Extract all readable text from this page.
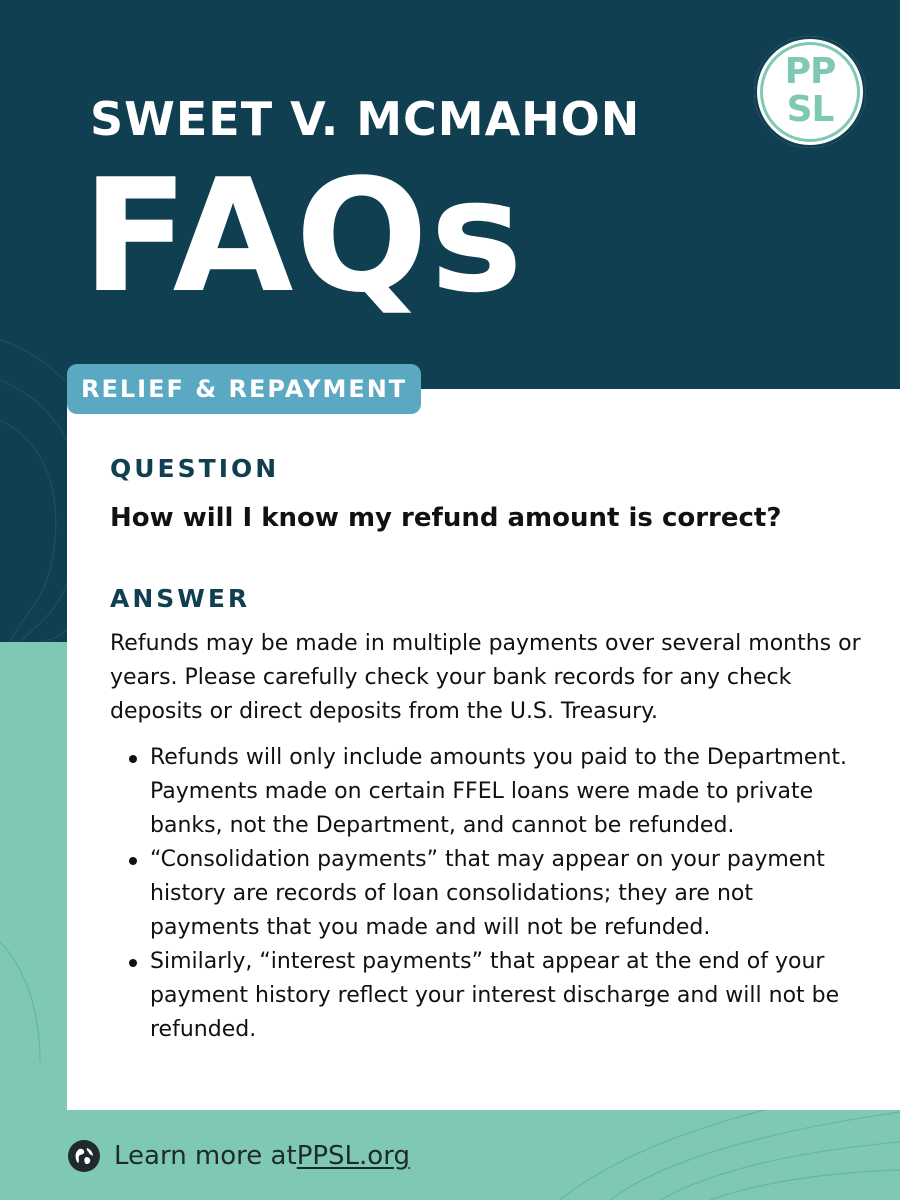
SWEET V. MCMAHON
FAQs
PP
SL
RELIEF & REPAYMENT
QUESTION
How will I know my refund amount is correct?
ANSWER

Refunds may be made in multiple payments over several months or years. Please carefully check your bank records for any check deposits or direct deposits from the U.S. Treasury.

Refunds will only include amounts you paid to the Department. Payments made on certain FFEL loans were made to private banks, not the Department, and cannot be refunded.
“Consolidation payments” that may appear on your payment history are records of loan consolidations; they are not payments that you made and will not be refunded.
Similarly, “interest payments” that appear at the end of your payment history reflect your interest discharge and will not be refunded.
Learn more at PPSL.org
